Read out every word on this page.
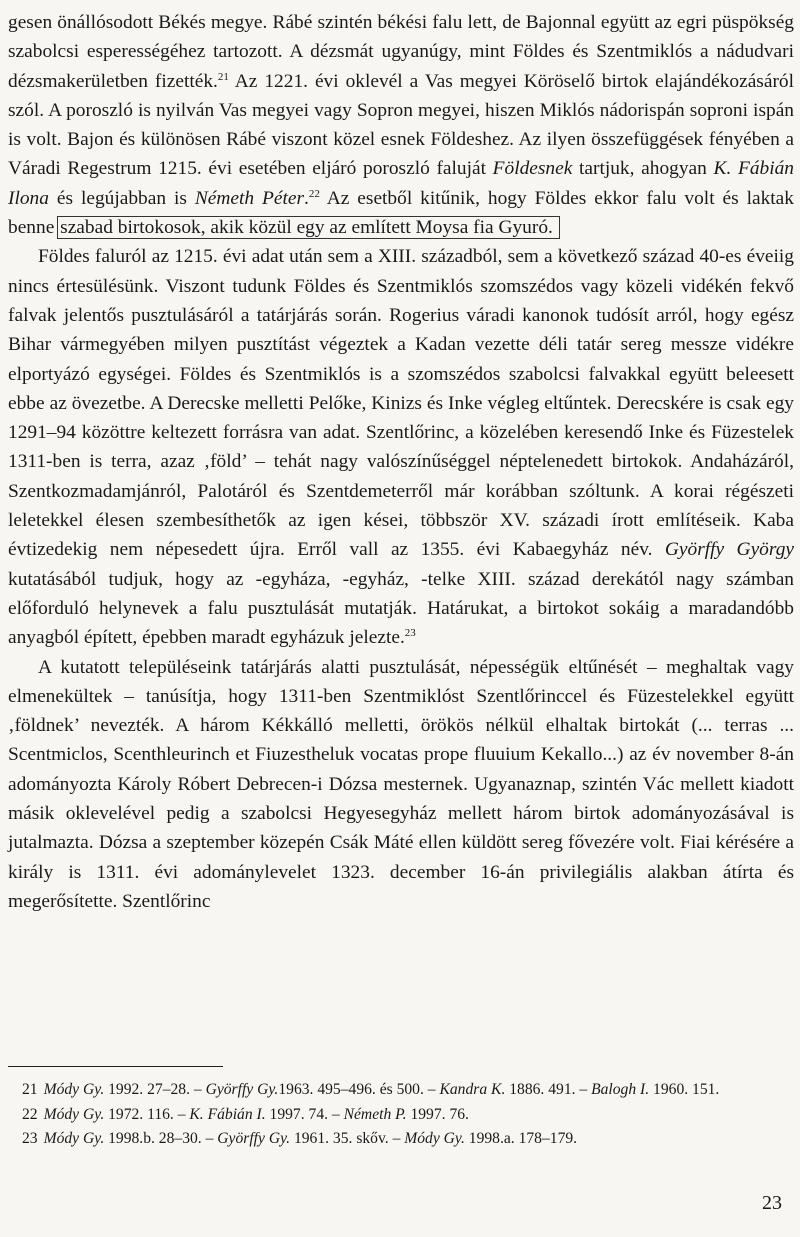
gesen önállósodott Békés megye. Rábé szintén békési falu lett, de Bajonnal együtt az egri püspökség szabolcsi esperességéhez tartozott. A dézsmát ugyanúgy, mint Földes és Szentmiklós a nádudvari dézsmakerületben fizették.$^{21}$ Az 1221. évi oklevél a Vas megyei Köröselő birtok elajándékozásáról szól. A poroszló is nyilván Vas megyei vagy Sopron megyei, hiszen Miklós nádorispán soproni ispán is volt. Bajon és különösen Rábé viszont közel esnek Földeshez. Az ilyen összefüggések fényében a Váradi Regestrum 1215. évi esetében eljáró poroszló faluját Földesnek tartjuk, ahogyan K. Fábián Ilona és legújabban is Németh Péter.$^{22}$ Az esetből kitűnik, hogy Földes ekkor falu volt és laktak benne szabad birtokosok, akik közül egy az említett Moysa fia Gyuró.

Földes faluról az 1215. évi adat után sem a XIII. századból, sem a következő század 40-es éveiig nincs értesülésünk. Viszont tudunk Földes és Szentmiklós szomszédos vagy közeli vidékén fekvő falvak jelentős pusztulásáról a tatárjárás során. Rogerius váradi kanonok tudósít arról, hogy egész Bihar vármegyében milyen pusztítást végeztek a Kadan vezette déli tatár sereg messze vidékre elportyázó egységei. Földes és Szentmiklós is a szomszédos szabolcsi falvakkal együtt beleesett ebbe az övezetbe. A Derecske melletti Pelőke, Kinizs és Inke végleg eltűntek. Derecskére is csak egy 1291–94 közöttre keltezett forrásra van adat. Szentlőrinc, a közelében keresendő Inke és Füzestelek 1311-ben is terra, azaz ‚föld’ – tehát nagy valószínűséggel néptelenedett birtokok. Andaházáról, Szentkozmadamjánról, Palotáról és Szentdemeterről már korábban szóltunk. A korai régészeti leletekkel élesen szembesíthetők az igen kései, többször XV. századi írott említéseik. Kaba évtizedekig nem népesedett újra. Erről vall az 1355. évi Kabaegyház név. Györffy György kutatásából tudjuk, hogy az -egyháza, -egyház, -telke XIII. század derekától nagy számban előforduló helynevek a falu pusztulását mutatják. Határukat, a birtokot sokáig a maradandóbb anyagból épített, épebben maradt egyházuk jelezte.$^{23}$

A kutatott településeink tatárjárás alatti pusztulását, népességük eltűnését – meghaltak vagy elmenekültek – tanúsítja, hogy 1311-ben Szentmiklóst Szentlőrinccel és Füzestelekkel együtt ‚földnek’ nevezték. A három Kékkálló melletti, örökös nélkül elhaltak birtokát (... terras ... Scentmiclos, Scenthleurinch et Fiuzestheluk vocatas prope fluuium Kekallo...) az év november 8-án adományozta Károly Róbert Debrecen-i Dózsa mesternek. Ugyanaznap, szintén Vác mellett kiadott másik oklevelével pedig a szabolcsi Hegyesegyház mellett három birtok adományozásával is jutalmazta. Dózsa a szeptember közepén Csák Máté ellen küldött sereg fővezére volt. Fiai kérésére a király is 1311. évi adománylevelet 1323. december 16-án privilegiális alakban átírta és megerősítette. Szentlőrinc

21 Módy Gy. 1992. 27–28. – Györffy Gy.1963. 495–496. és 500. – Kandra K. 1886. 491. – Balogh I. 1960. 151.

22 Módy Gy. 1972. 116. – K. Fábián I. 1997. 74. – Németh P. 1997. 76.

23 Módy Gy. 1998.b. 28–30. – Györffy Gy. 1961. 35. skőv. – Módy Gy. 1998.a. 178–179.

23
